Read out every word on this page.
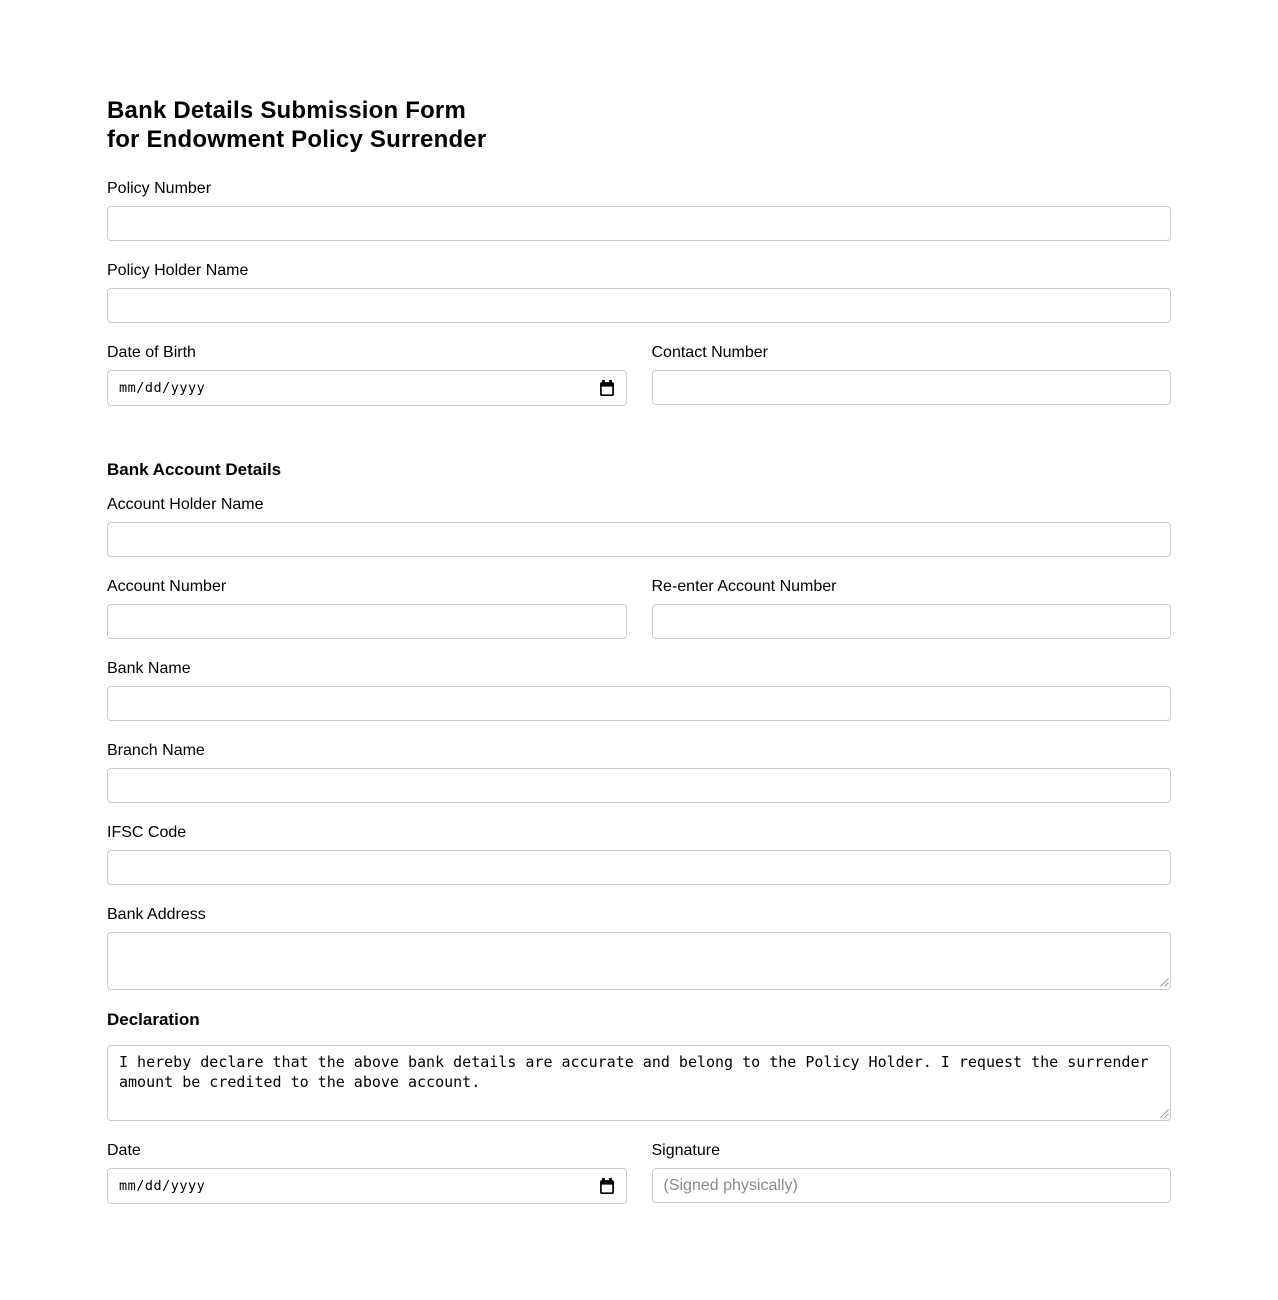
Bank Details Submission Form
for Endowment Policy Surrender
Policy Number
Policy Holder Name
Date of Birth
mm/dd/yyyy
Contact Number
Bank Account Details
Account Holder Name
Account Number	Re-enter Account Number
Bank Name
Branch Name
IFSC Code
Bank Address
Declaration
I hereby declare that the above bank details are accurate and belong to the Policy Holder. I request the surrender amount be credited to the above account.
Date
mm/dd/yyyy
Signature
(Signed physically)
